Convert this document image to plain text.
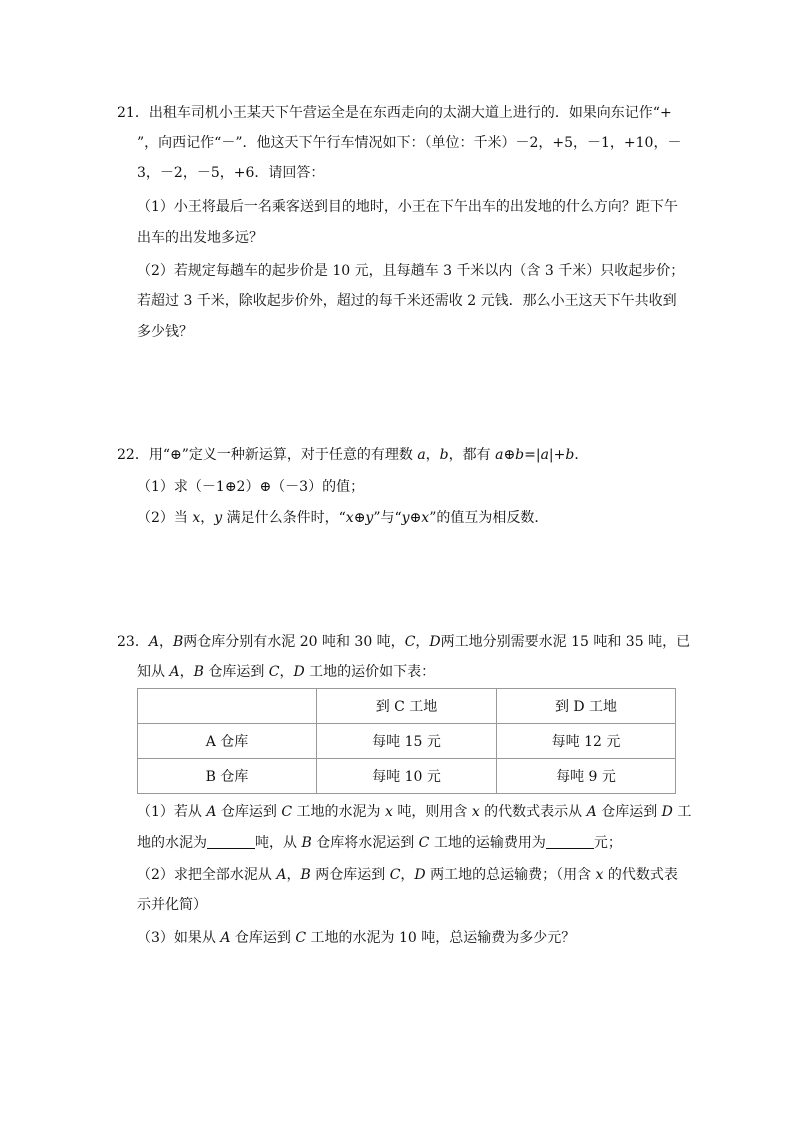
21．出租车司机小王某天下午营运全是在东西走向的太湖大道上进行的．如果向东记作“+
”，向西记作“－”．他这天下午行车情况如下：（单位：千米）－2，+5，－1，+10，－
3，－2，－5，+6．请回答：
（1）小王将最后一名乘客送到目的地时，小王在下午出车的出发地的什么方向？距下午
出车的出发地多远？
（2）若规定每趟车的起步价是 10 元，且每趟车 3 千米以内（含 3 千米）只收起步价；
若超过 3 千米，除收起步价外，超过的每千米还需收 2 元钱．那么小王这天下午共收到
多少钱？
22．用“⊕”定义一种新运算，对于任意的有理数 a，b，都有 a⊕b=|a|+b．
（1）求（－1⊕2）⊕（－3）的值；
（2）当 x，y 满足什么条件时，“x⊕y”与“y⊕x”的值互为相反数．
23．A，B两仓库分别有水泥 20 吨和 30 吨，C，D两工地分别需要水泥 15 吨和 35 吨，已
知从 A，B 仓库运到 C，D 工地的运价如下表：
	到 C 工地	到 D 工地
A 仓库	每吨 15 元	每吨 12 元
B 仓库	每吨 10 元	每吨 9 元
（1）若从 A 仓库运到 C 工地的水泥为 x 吨，则用含 x 的代数式表示从 A 仓库运到 D 工
地的水泥为	吨，从 B 仓库将水泥运到 C 工地的运输费用为	元；
（2）求把全部水泥从 A，B 两仓库运到 C，D 两工地的总运输费；（用含 x 的代数式表
示并化简）
（3）如果从 A 仓库运到 C 工地的水泥为 10 吨，总运输费为多少元？
